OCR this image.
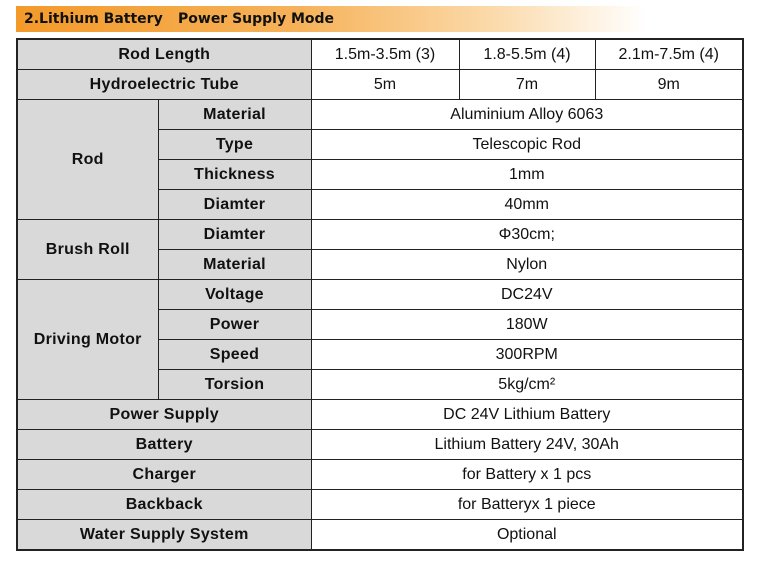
2.Lithium Battery Power Supply Mode
Rod Length		1.5m-3.5m (3)	1.8-5.5m (4)	2.1m-7.5m (4)
Hydroelectric Tube		5m	7m	9m
Rod	Material	Aluminium Alloy 6063		
	Type	Telescopic Rod		
	Thickness	1mm		
	Diamter	40mm		
Brush Roll	Diamter	Φ30cm;		
	Material	Nylon		
Driving Motor	Voltage	DC24V		
	Power	180W		
	Speed	300RPM		
	Torsion	5kg/cm²		
Power Supply		DC 24V Lithium Battery		
Battery		Lithium Battery 24V, 30Ah		
Charger		for Battery x 1 pcs		
Backback		for Batteryx 1 piece		
Water Supply System		Optional		
